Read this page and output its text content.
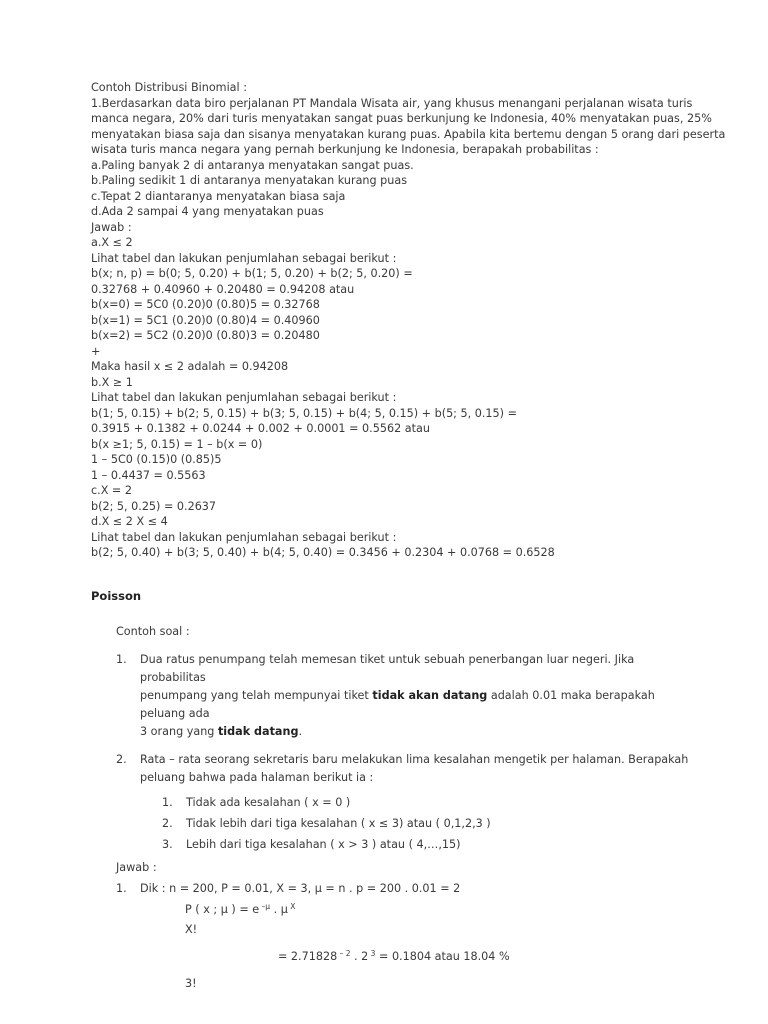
Contoh Distribusi Binomial :
1.Berdasarkan data biro perjalanan PT Mandala Wisata air, yang khusus menangani perjalanan wisata turis
manca negara, 20% dari turis menyatakan sangat puas berkunjung ke Indonesia, 40% menyatakan puas, 25%
menyatakan biasa saja dan sisanya menyatakan kurang puas. Apabila kita bertemu dengan 5 orang dari peserta
wisata turis manca negara yang pernah berkunjung ke Indonesia, berapakah probabilitas :
a.Paling banyak 2 di antaranya menyatakan sangat puas.
b.Paling sedikit 1 di antaranya menyatakan kurang puas
c.Tepat 2 diantaranya menyatakan biasa saja
d.Ada 2 sampai 4 yang menyatakan puas
Jawab :
a.X ≤ 2
Lihat tabel dan lakukan penjumlahan sebagai berikut :
b(x; n, p) = b(0; 5, 0.20) + b(1; 5, 0.20) + b(2; 5, 0.20) =
0.32768 + 0.40960 + 0.20480 = 0.94208 atau
b(x=0) = 5C0 (0.20)0 (0.80)5 = 0.32768
b(x=1) = 5C1 (0.20)0 (0.80)4 = 0.40960
b(x=2) = 5C2 (0.20)0 (0.80)3 = 0.20480
+
Maka hasil x ≤ 2 adalah = 0.94208
b.X ≥ 1
Lihat tabel dan lakukan penjumlahan sebagai berikut :
b(1; 5, 0.15) + b(2; 5, 0.15) + b(3; 5, 0.15) + b(4; 5, 0.15) + b(5; 5, 0.15) =
0.3915 + 0.1382 + 0.0244 + 0.002 + 0.0001 = 0.5562 atau
b(x ≥1; 5, 0.15) = 1 – b(x = 0)
1 – 5C0 (0.15)0 (0.85)5
1 – 0.4437 = 0.5563
c.X = 2
b(2; 5, 0.25) = 0.2637
d.X ≤ 2 X ≤ 4
Lihat tabel dan lakukan penjumlahan sebagai berikut :
b(2; 5, 0.40) + b(3; 5, 0.40) + b(4; 5, 0.40) = 0.3456 + 0.2304 + 0.0768 = 0.6528
Poisson
Contoh soal :
1. Dua ratus penumpang telah memesan tiket untuk sebuah penerbangan luar negeri. Jika probabilitas
penumpang yang telah mempunyai tiket tidak akan datang adalah 0.01 maka berapakah peluang ada
3 orang yang tidak datang.
2. Rata – rata seorang sekretaris baru melakukan lima kesalahan mengetik per halaman. Berapakah
peluang bahwa pada halaman berikut ia :
1. Tidak ada kesalahan ( x = 0 )
2. Tidak lebih dari tiga kesalahan ( x ≤ 3) atau ( 0,1,2,3 )
3. Lebih dari tiga kesalahan ( x > 3 ) atau ( 4,…,15)
Jawab :
1. Dik : n = 200, P = 0.01, X = 3, μ = n . p = 200 . 0.01 = 2
P ( x ; μ ) = e $^{-\mu}$ . μ $^X$
X!
= 2.71828 $^{- 2}$ . 2 $^3$ = 0.1804 atau 18.04 %
3!
